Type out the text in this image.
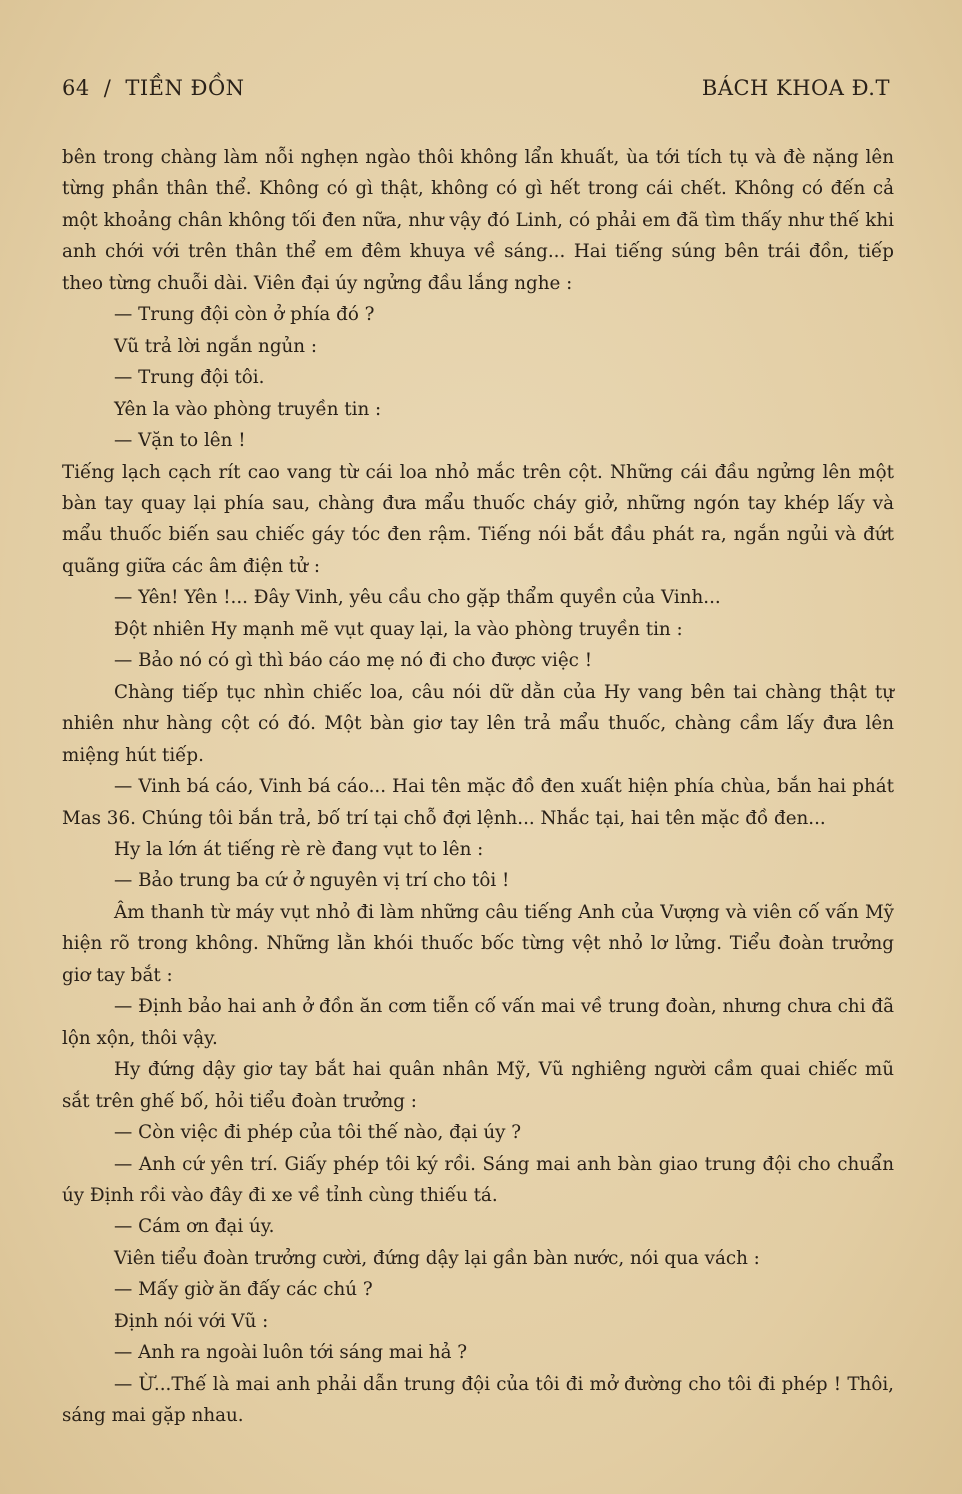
64 / TIỀN ĐỒN	BÁCH KHOA Đ.T

bên trong chàng làm nỗi nghẹn ngào thôi không lẩn khuất, ùa tới tích tụ và đè nặng lên từng phần thân thể. Không có gì thật, không có gì hết trong cái chết. Không có đến cả một khoảng chân không tối đen nữa, như vậy đó Linh, có phải em đã tìm thấy như thế khi anh chới với trên thân thể em đêm khuya về sáng... Hai tiếng súng bên trái đồn, tiếp theo từng chuỗi dài. Viên đại úy ngửng đầu lắng nghe :

— Trung đội còn ở phía đó ?

Vũ trả lời ngắn ngủn :

— Trung đội tôi.

Yên la vào phòng truyền tin :

— Vặn to lên !

Tiếng lạch cạch rít cao vang từ cái loa nhỏ mắc trên cột. Những cái đầu ngửng lên một bàn tay quay lại phía sau, chàng đưa mẩu thuốc cháy giở, những ngón tay khép lấy và mẩu thuốc biến sau chiếc gáy tóc đen rậm. Tiếng nói bắt đầu phát ra, ngắn ngủi và đứt quãng giữa các âm điện tử :

— Yên! Yên !... Đây Vinh, yêu cầu cho gặp thẩm quyền của Vinh...

Đột nhiên Hy mạnh mẽ vụt quay lại, la vào phòng truyền tin :

— Bảo nó có gì thì báo cáo mẹ nó đi cho được việc !

Chàng tiếp tục nhìn chiếc loa, câu nói dữ dằn của Hy vang bên tai chàng thật tự nhiên như hàng cột có đó. Một bàn giơ tay lên trả mẩu thuốc, chàng cầm lấy đưa lên miệng hút tiếp.

— Vinh bá cáo, Vinh bá cáo... Hai tên mặc đồ đen xuất hiện phía chùa, bắn hai phát Mas 36. Chúng tôi bắn trả, bố trí tại chỗ đợi lệnh... Nhắc tại, hai tên mặc đồ đen...

Hy la lớn át tiếng rè rè đang vụt to lên :

— Bảo trung ba cứ ở nguyên vị trí cho tôi !

Âm thanh từ máy vụt nhỏ đi làm những câu tiếng Anh của Vượng và viên cố vấn Mỹ hiện rõ trong không. Những lằn khói thuốc bốc từng vệt nhỏ lơ lửng. Tiểu đoàn trưởng giơ tay bắt :

— Định bảo hai anh ở đồn ăn cơm tiễn cố vấn mai về trung đoàn, nhưng chưa chi đã lộn xộn, thôi vậy.

Hy đứng dậy giơ tay bắt hai quân nhân Mỹ, Vũ nghiêng người cầm quai chiếc mũ sắt trên ghế bố, hỏi tiểu đoàn trưởng :

— Còn việc đi phép của tôi thế nào, đại úy ?

— Anh cứ yên trí. Giấy phép tôi ký rồi. Sáng mai anh bàn giao trung đội cho chuẩn úy Định rồi vào đây đi xe về tỉnh cùng thiếu tá.

— Cám ơn đại úy.

Viên tiểu đoàn trưởng cười, đứng dậy lại gần bàn nước, nói qua vách :

— Mấy giờ ăn đấy các chú ?

Định nói với Vũ :

— Anh ra ngoài luôn tới sáng mai hả ?

— Ừ...Thế là mai anh phải dẫn trung đội của tôi đi mở đường cho tôi đi phép ! Thôi, sáng mai gặp nhau.
